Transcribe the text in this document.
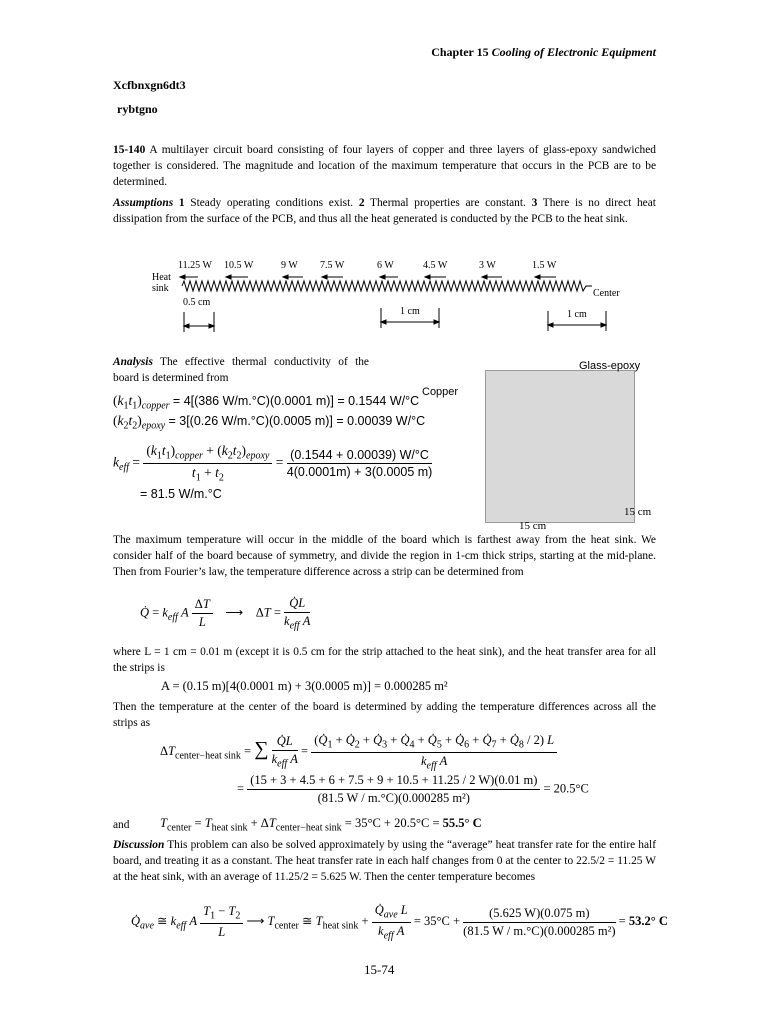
Chapter 15 Cooling of Electronic Equipment
Xcfbnxgn6dt3
rybtgno
15-140 A multilayer circuit board consisting of four layers of copper and three layers of glass-epoxy sandwiched together is considered. The magnitude and location of the maximum temperature that occurs in the PCB are to be determined.
Assumptions 1 Steady operating conditions exist. 2 Thermal properties are constant. 3 There is no direct heat dissipation from the surface of the PCB, and thus all the heat generated is conducted by the PCB to the heat sink.
11.25 W 10.5 W	9 W 7.5 W	6 W	4.5 W	3 W	1.5 W
Heat
sink	Center
0.5 cm
1 cm	1 cm
Analysis The effective thermal conductivity of the board is determined from
Glass-epoxy
Copper
15 cm
15 cm
$(k_1t_1)_{copper} = 4[(386$ W/m.°C)(0.0001 m)] = 0.1544 W/°C
$(k_2t_2)_{epoxy} = 3[(0.26$ W/m.°C)(0.0005 m)] = 0.00039 W/°C
$k_{eff} = \frac{(k_1t_1)_{copper} + (k_2t_2)_{epoxy}}{t_1 + t_2} = \frac{(0.1544 + 0.00039) W/^\circ C}{4(0.0001m) + 3(0.0005 m)}$
= 81.5 W/m.°C
The maximum temperature will occur in the middle of the board which is farthest away from the heat sink. We consider half of the board because of symmetry, and divide the region in 1-cm thick strips, starting at the mid-plane. Then from Fourier’s law, the temperature difference across a strip can be determined from
Q̇ = $k_{eff}$ A $\frac{\Delta T}{L}$ ⟶    $\Delta T = \frac{Q̇L}{k_{eff} A}$
where L = 1 cm = 0.01 m (except it is 0.5 cm for the strip attached to the heat sink), and the heat transfer area for all the strips is
A = (0.15 m)[4(0.0001 m) + 3(0.0005 m)] = 0.000285 m²
Then the temperature at the center of the board is determined by adding the temperature differences across all the strips as
$\Delta T_{center-heat sink}$ = ∑ $\frac{Q̇L}{k_{eff} A} = \frac{(Q̇_1 + Q̇_2 + Q̇_3 + Q̇_4 + Q̇_5 + Q̇_6 + Q̇_7 + Q̇_8 / 2) L}{k_{eff} A}$
= $\frac{(15 + 3 + 4.5 + 6 + 7.5 + 9 + 10.5 + 11.25 / 2 W)(0.01 m)}{\text{(81.5 W / m.°C)(0.000285 m²)}} = 20.5^\circ C$
and $T_{center} = T_{heat sink} + \Delta T_{center-heat sink} = 35^\circ C + 20.5^\circ C = 55.5^\circ$ C
Discussion This problem can also be solved approximately by using the “average” heat transfer rate for the entire half board, and treating it as a constant. The heat transfer rate in each half changes from 0 at the center to 22.5/2 = 11.25 W at the heat sink, with an average of 11.25/2 = 5.625 W. Then the center temperature becomes
$Q̇_{ave}$ ≅ $k_{eff}$ A $\frac{T_1 - T_2}{L}$ ⟶ $T_{center}$ ≅ $T_{heat sink} + \frac{Q̇_{ave} L}{k_{eff} A} = 35^\circ C + \frac{(5.625 W)(0.075 m)}{\text{(81.5 W / m.°C)(0.000285 m²)}} = 53.2^\circ$ C
15-74
